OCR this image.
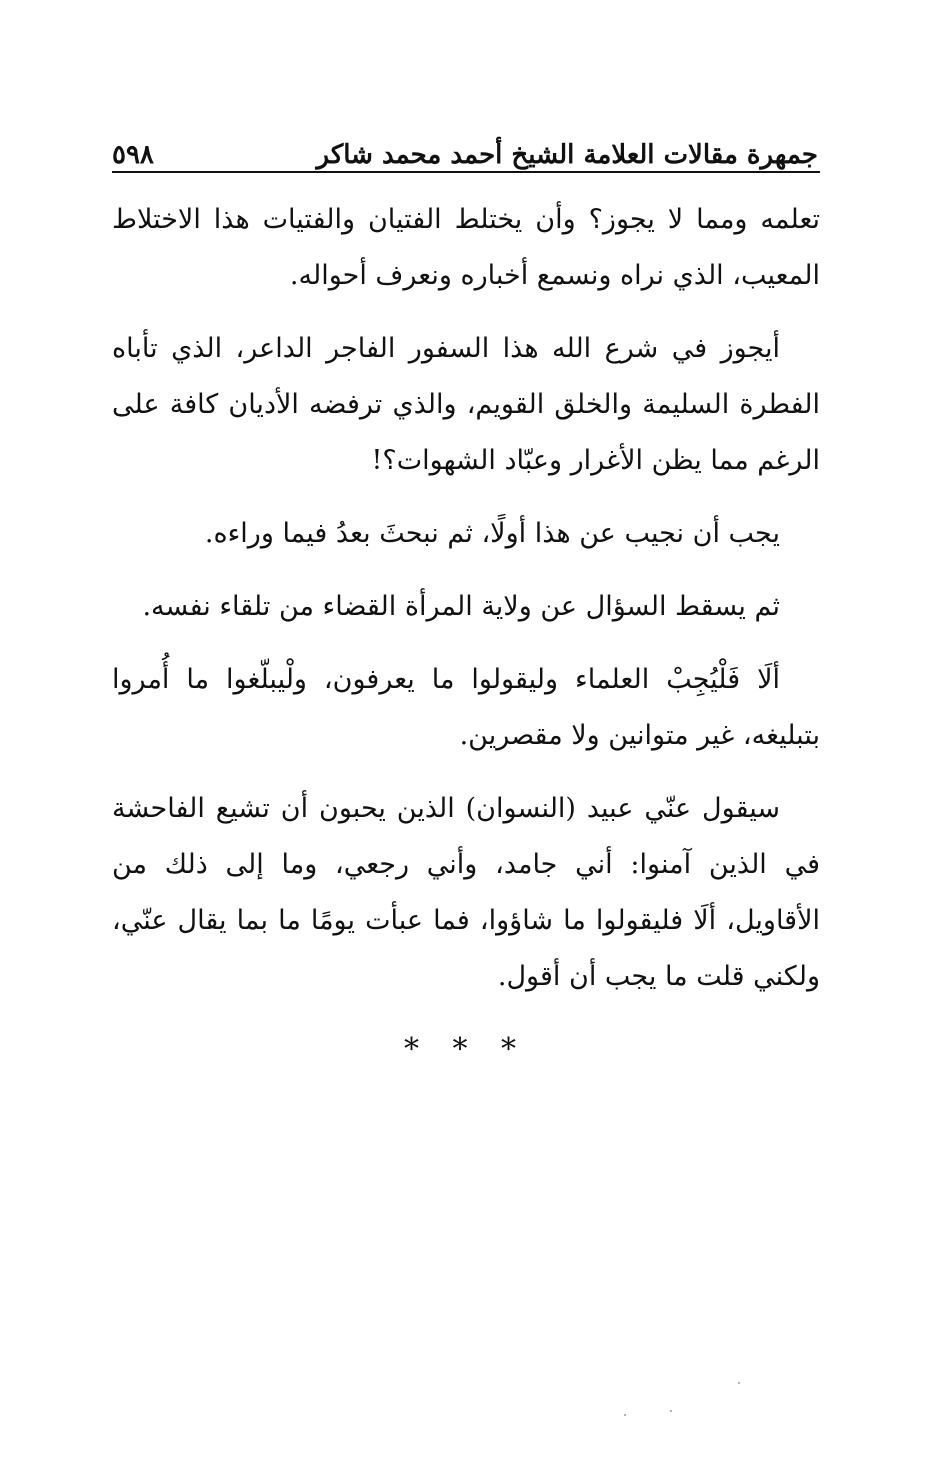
جمهرة مقالات العلامة الشيخ أحمد محمد شاكر
٥٩٨

تعلمه ومما لا يجوز؟ وأن يختلط الفتيان والفتيات هذا الاختلاط المعيب، الذي نراه ونسمع أخباره ونعرف أحواله.

أيجوز في شرع الله هذا السفور الفاجر الداعر، الذي تأباه الفطرة السليمة والخلق القويم، والذي ترفضه الأديان كافة على الرغم مما يظن الأغرار وعبّاد الشهوات؟!

يجب أن نجيب عن هذا أولًا، ثم نبحثَ بعدُ فيما وراءه.

ثم يسقط السؤال عن ولاية المرأة القضاء من تلقاء نفسه.

ألَا فَلْيُجِبْ العلماء وليقولوا ما يعرفون، ولْيبلّغوا ما أُمروا بتبليغه، غير متوانين ولا مقصرين.

سيقول عنّي عبيد (النسوان) الذين يحبون أن تشيع الفاحشة في الذين آمنوا: أني جامد، وأني رجعي، وما إلى ذلك من الأقاويل، ألَا فليقولوا ما شاؤوا، فما عبأت يومًا ما بما يقال عنّي، ولكني قلت ما يجب أن أقول.

* * *
